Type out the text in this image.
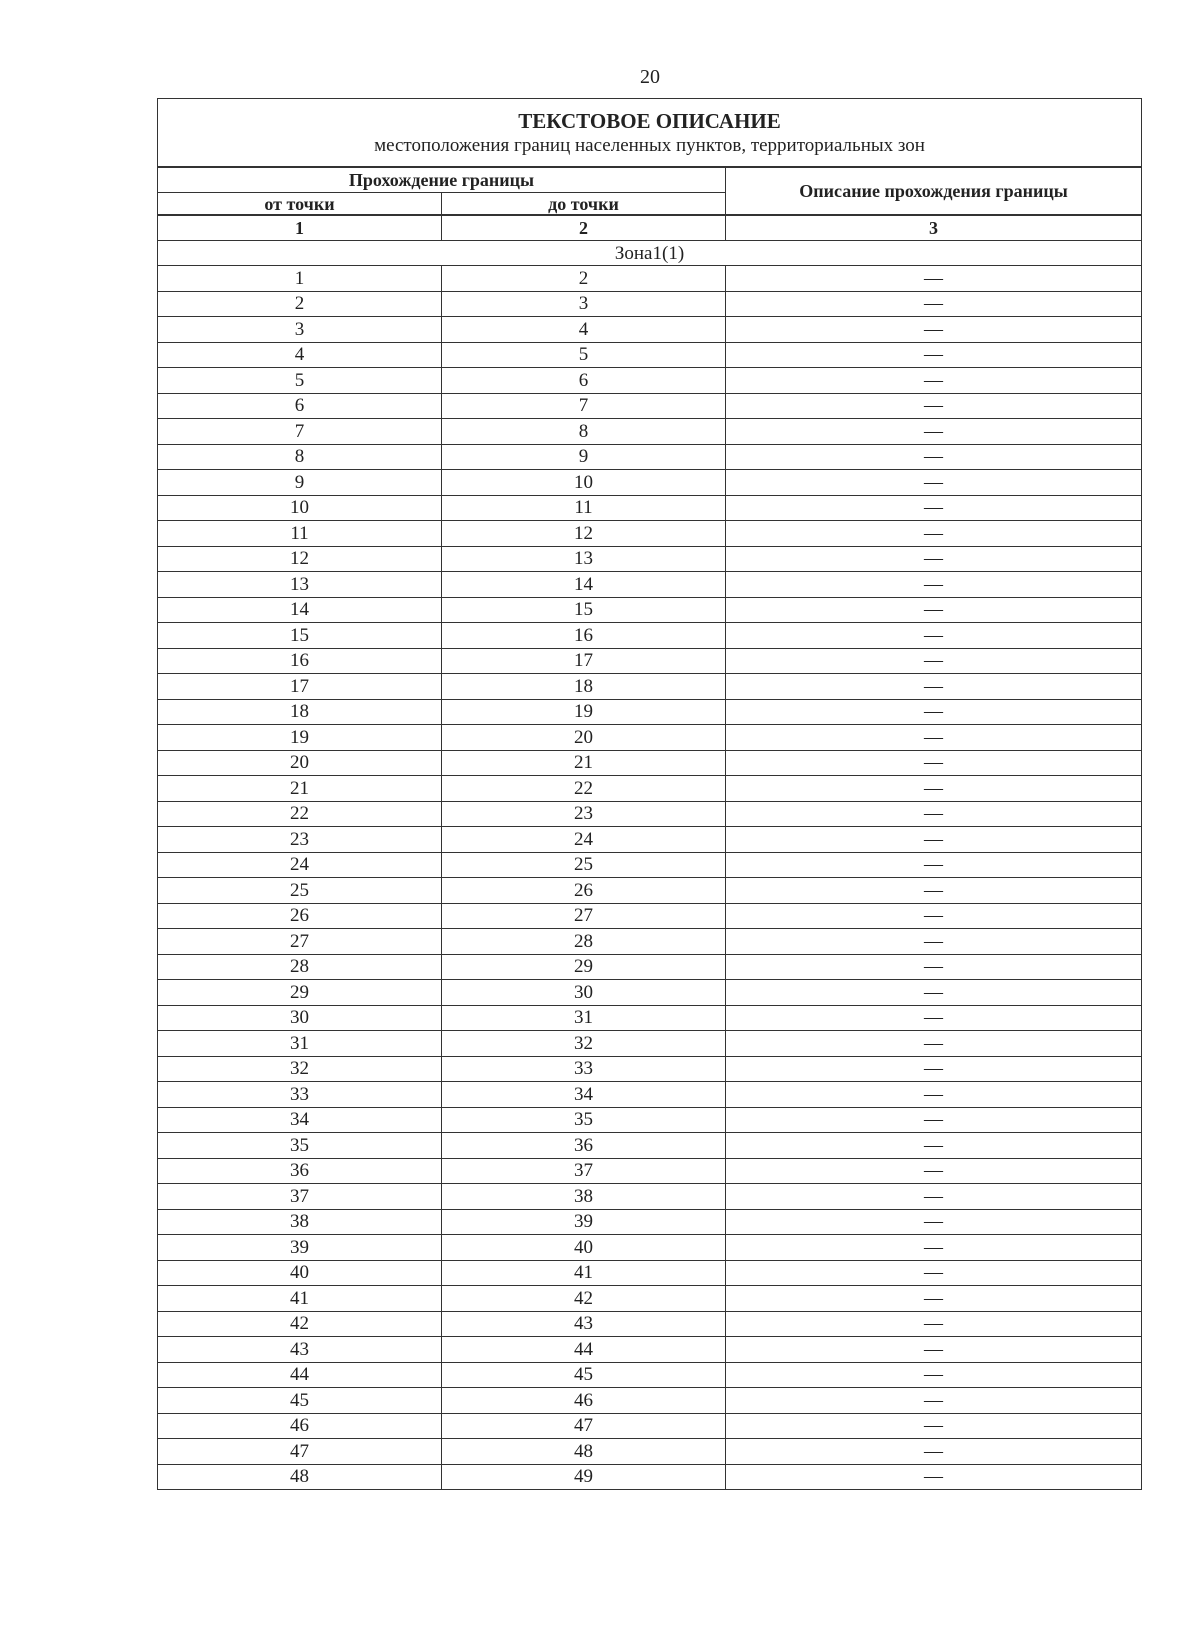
20
ТЕКСТОВОЕ ОПИСАНИЕ
местоположения границ населенных пунктов, территориальных зон		

Прохождение границы		Описание прохождения границы
от точки	до точки	
1	2	3
Зона1(1)		
1	2	—
2	3	—
3	4	—
4	5	—
5	6	—
6	7	—
7	8	—
8	9	—
9	10	—
10	11	—
11	12	—
12	13	—
13	14	—
14	15	—
15	16	—
16	17	—
17	18	—
18	19	—
19	20	—
20	21	—
21	22	—
22	23	—
23	24	—
24	25	—
25	26	—
26	27	—
27	28	—
28	29	—
29	30	—
30	31	—
31	32	—
32	33	—
33	34	—
34	35	—
35	36	—
36	37	—
37	38	—
38	39	—
39	40	—
40	41	—
41	42	—
42	43	—
43	44	—
44	45	—
45	46	—
46	47	—
47	48	—
48	49	—
